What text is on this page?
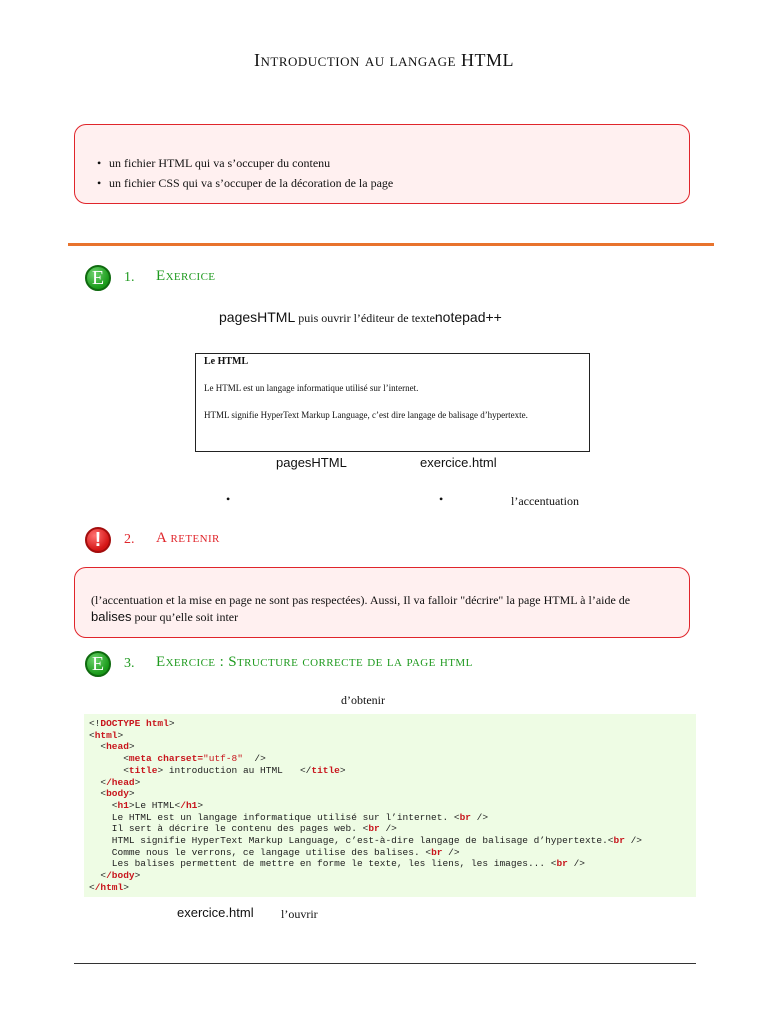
Introduction au langage HTML
• un fichier HTML qui va s’occuper du contenu
• un fichier CSS qui va s’occuper de la décoration de la page
E	1. Exercice
pagesHTML puis ouvrir l’éditeur de textenotepad++
Le HTML
Le HTML est un langage informatique utilisé sur l’internet.
HTML signifie HyperText Markup Language, c’est dire langage de balisage d’hypertexte.
pagesHTML	exercice.html
•	•	l’accentuation
!	2. A retenir
(l’accentuation et la mise en page ne sont pas respectées). Aussi, Il va falloir "décrire" la page HTML à l’aide de
balises pour qu’elle soit inter
E	3. Exercice : Structure correcte de la page html
d’obtenir
<!DOCTYPE html>
<html>
<head>
<meta charset="utf-8"  />
<title> introduction au HTML   </title>
</head>
<body>
<h1>Le HTML</h1>
Le HTML est un langage informatique utilisé sur l’internet. <br />
Il sert à décrire le contenu des pages web. <br />
HTML signifie HyperText Markup Language, c’est-à-dire langage de balisage d’hypertexte.<br />
Comme nous le verrons, ce langage utilise des balises. <br />
Les balises permettent de mettre en forme le texte, les liens, les images... <br />
</body>
</html>
exercice.html l’ouvrir
